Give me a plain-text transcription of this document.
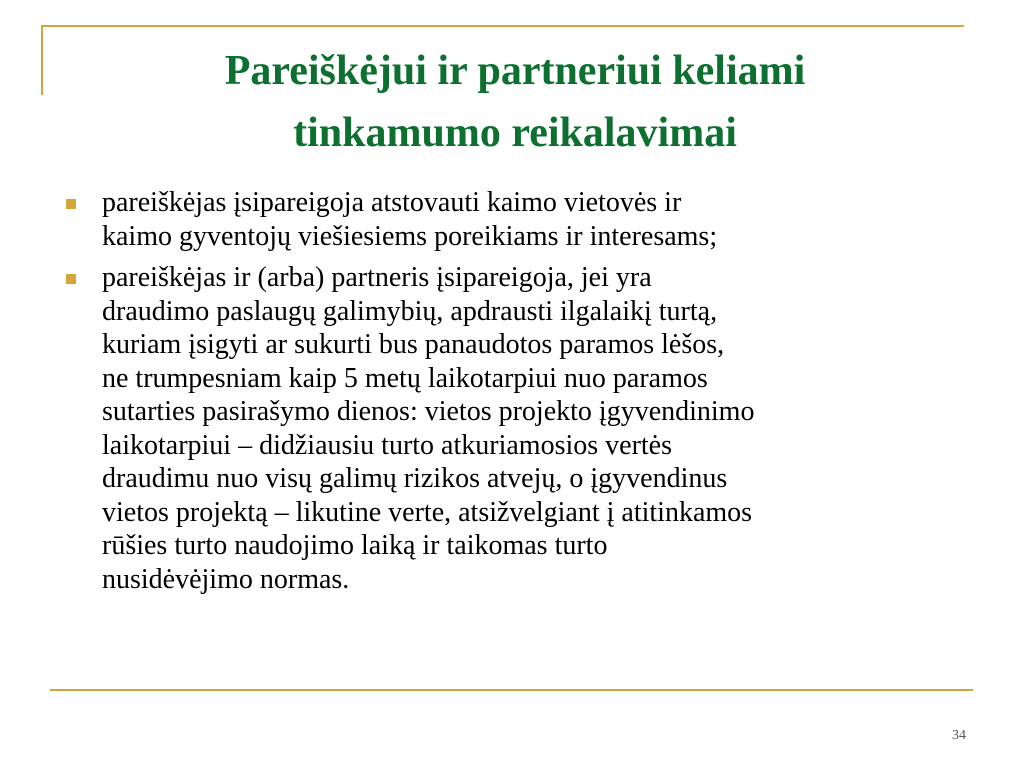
Pareiškėjui ir partneriui keliami
tinkamumo reikalavimai
pareiškėjas įsipareigoja atstovauti kaimo vietovės ir
kaimo gyventojų viešiesiems poreikiams ir interesams;
pareiškėjas ir (arba) partneris įsipareigoja, jei yra
draudimo paslaugų galimybių, apdrausti ilgalaikį turtą,
kuriam įsigyti ar sukurti bus panaudotos paramos lėšos,
ne trumpesniam kaip 5 metų laikotarpiui nuo paramos
sutarties pasirašymo dienos: vietos projekto įgyvendinimo
laikotarpiui – didžiausiu turto atkuriamosios vertės
draudimu nuo visų galimų rizikos atvejų, o įgyvendinus
vietos projektą – likutine verte, atsižvelgiant į atitinkamos
rūšies turto naudojimo laiką ir taikomas turto
nusidėvėjimo normas.
34
